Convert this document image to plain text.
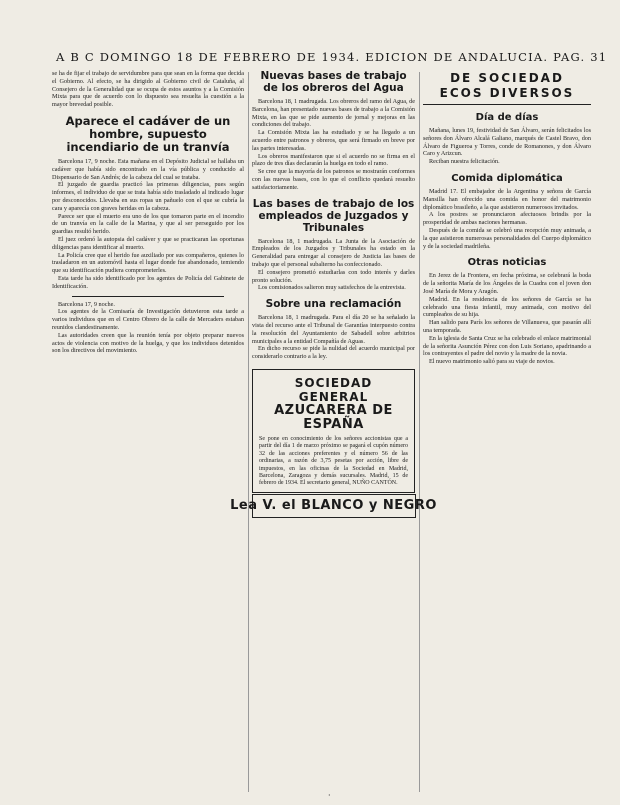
A B C DOMINGO 18 DE FEBRERO DE 1934. EDICION DE ANDALUCIA. PAG. 31

se ha de fijar el trabajo de servidumbre para que sean en la forma que decida el Gobierno. Al efecto, se ha dirigido al Gobierno civil de Cataluña, al Consejero de la Generalidad que se ocupa de estos asuntos y a la Comisión Mixta para que de acuerdo con lo dispuesto sea resuelta la cuestión a la mayor brevedad posible.

Aparece el cadáver de un hombre, supuesto incendiario de un tranvía

Barcelona 17, 9 noche. Esta mañana en el Depósito Judicial se hallaba un cadáver que había sido encontrado en la vía pública y conducido al Dispensario de San Andrés; de la cabeza del cual se trataba.

El juzgado de guardia practicó las primeras diligencias, pues según informes, el individuo de que se trata había sido trasladado al indicado lugar por desconocidos. Llevaba en sus ropas un pañuelo con el que se cubría la cara y aparecía con graves heridas en la cabeza.

Parece ser que el muerto era uno de los que tomaron parte en el incendio de un tranvía en la calle de la Marina, y que al ser perseguido por los guardias resultó herido.

El juez ordenó la autopsia del cadáver y que se practicaran las oportunas diligencias para identificar al muerto.

La Policía cree que el herido fue auxiliado por sus compañeros, quienes lo trasladaron en un automóvil hasta el lugar donde fue abandonado, temiendo que su identificación pudiera comprometerles.

Esta tarde ha sido identificado por los agentes de Policía del Gabinete de Identificación.

Barcelona 17, 9 noche.

Los agentes de la Comisaría de Investigación detuvieron esta tarde a varios individuos que en el Centro Obrero de la calle de Mercaders estaban reunidos clandestinamente.

Las autoridades creen que la reunión tenía por objeto preparar nuevos actos de violencia con motivo de la huelga, y que los individuos detenidos son los directivos del movimiento.

Nuevas bases de trabajo de los obreros del Agua

Barcelona 18, 1 madrugada. Los obreros del ramo del Agua, de Barcelona, han presentado nuevas bases de trabajo a la Comisión Mixta, en las que se pide aumento de jornal y mejoras en las condiciones del trabajo.

La Comisión Mixta las ha estudiado y se ha llegado a un acuerdo entre patronos y obreros, que será firmado en breve por las partes interesadas.

Los obreros manifestaron que si el acuerdo no se firma en el plazo de tres días declararán la huelga en todo el ramo.

Se cree que la mayoría de los patronos se mostrarán conformes con las nuevas bases, con lo que el conflicto quedará resuelto satisfactoriamente.

Las bases de trabajo de los empleados de Juzgados y Tribunales

Barcelona 18, 1 madrugada. La Junta de la Asociación de Empleados de los Juzgados y Tribunales ha estado en la Generalidad para entregar al consejero de Justicia las bases de trabajo que el personal subalterno ha confeccionado.

El consejero prometió estudiarlas con todo interés y darles pronto solución.

Los comisionados salieron muy satisfechos de la entrevista.

Sobre una reclamación

Barcelona 18, 1 madrugada. Para el día 20 se ha señalado la vista del recurso ante el Tribunal de Garantías interpuesto contra la resolución del Ayuntamiento de Sabadell sobre arbitrios municipales a la entidad Compañía de Aguas.

En dicho recurso se pide la nulidad del acuerdo municipal por considerarlo contrario a la ley.

SOCIEDAD GENERAL
AZUCARERA DE ESPAÑA
Se pone en conocimiento de los señores accionistas que a partir del día 1 de marzo próximo se pagará el cupón número 32 de las acciones preferentes y el número 56 de las ordinarias, a razón de 3,75 pesetas por acción, libre de impuestos, en las oficinas de la Sociedad en Madrid, Barcelona, Zaragoza y demás sucursales. Madrid, 15 de febrero de 1934. El secretario general, NUÑO CANTÓN.
Lea V. el BLANCO y NEGRO
DE SOCIEDAD
ECOS DIVERSOS
Día de días

Mañana, lunes 19, festividad de San Álvaro, serán felicitados los señores don Álvaro Alcalá Galiano, marqués de Castel Bravo, don Álvaro de Figueroa y Torres, conde de Romanones, y don Álvaro Caro y Arizcun.

Reciban nuestra felicitación.

Comida diplomática

Madrid 17. El embajador de la Argentina y señora de García Mansilla han ofrecido una comida en honor del matrimonio diplomático brasileño, a la que asistieron numerosos invitados.

A los postres se pronunciaron afectuosos brindis por la prosperidad de ambas naciones hermanas.

Después de la comida se celebró una recepción muy animada, a la que asistieron numerosas personalidades del Cuerpo diplomático y de la sociedad madrileña.

Otras noticias

En Jerez de la Frontera, en fecha próxima, se celebrará la boda de la señorita María de los Ángeles de la Cuadra con el joven don José María de Mora y Aragón.

Madrid. En la residencia de los señores de García se ha celebrado una fiesta infantil, muy animada, con motivo del cumpleaños de su hija.

Han salido para París los señores de Villanueva, que pasarán allí una temporada.

En la iglesia de Santa Cruz se ha celebrado el enlace matrimonial de la señorita Asunción Pérez con don Luis Soriano, apadrinando a los contrayentes el padre del novio y la madre de la novia.

El nuevo matrimonio salió para su viaje de novios.

·
